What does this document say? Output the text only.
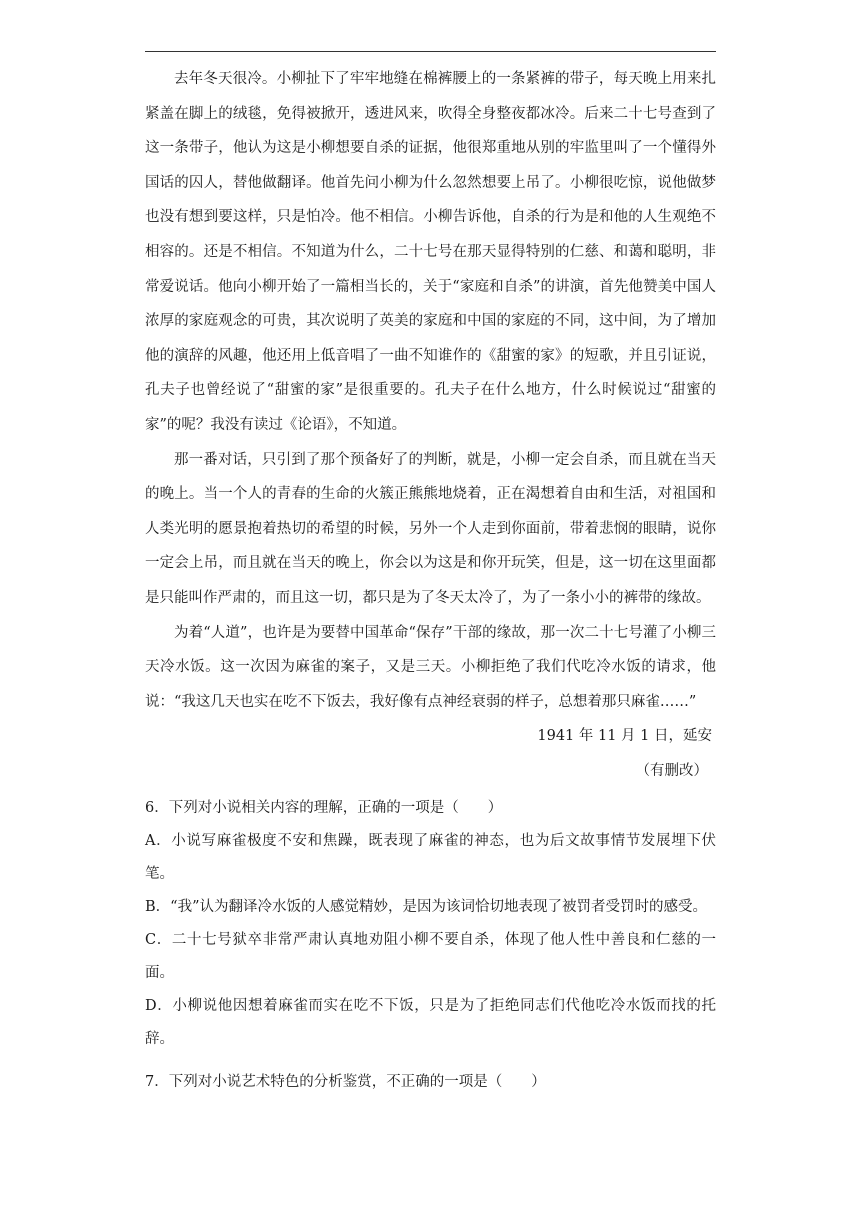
去年冬天很冷。小柳扯下了牢牢地缝在棉裤腰上的一条紧裤的带子，每天晚上用来扎紧盖在脚上的绒毯，免得被掀开，透进风来，吹得全身整夜都冰冷。后来二十七号查到了这一条带子，他认为这是小柳想要自杀的证据，他很郑重地从别的牢监里叫了一个懂得外国话的囚人，替他做翻译。他首先问小柳为什么忽然想要上吊了。小柳很吃惊，说他做梦也没有想到要这样，只是怕冷。他不相信。小柳告诉他，自杀的行为是和他的人生观绝不相容的。还是不相信。不知道为什么，二十七号在那天显得特别的仁慈、和蔼和聪明，非常爱说话。他向小柳开始了一篇相当长的，关于“家庭和自杀”的讲演，首先他赞美中国人浓厚的家庭观念的可贵，其次说明了英美的家庭和中国的家庭的不同，这中间，为了增加他的演辞的风趣，他还用上低音唱了一曲不知谁作的《甜蜜的家》的短歌，并且引证说，孔夫子也曾经说了“甜蜜的家”是很重要的。孔夫子在什么地方，什么时候说过“甜蜜的家”的呢？我没有读过《论语》，不知道。

那一番对话，只引到了那个预备好了的判断，就是，小柳一定会自杀，而且就在当天的晚上。当一个人的青春的生命的火簇正熊熊地烧着，正在渴想着自由和生活，对祖国和人类光明的愿景抱着热切的希望的时候，另外一个人走到你面前，带着悲悯的眼睛，说你一定会上吊，而且就在当天的晚上，你会以为这是和你开玩笑，但是，这一切在这里面都是只能叫作严肃的，而且这一切，都只是为了冬天太冷了，为了一条小小的裤带的缘故。

为着“人道”，也许是为要替中国革命“保存”干部的缘故，那一次二十七号灌了小柳三天冷水饭。这一次因为麻雀的案子，又是三天。小柳拒绝了我们代吃冷水饭的请求，他说：“我这几天也实在吃不下饭去，我好像有点神经衰弱的样子，总想着那只麻雀……”

1941 年 11 月 1 日，延安

（有删改）

6．下列对小说相关内容的理解，正确的一项是（　　）

A．小说写麻雀极度不安和焦躁，既表现了麻雀的神态，也为后文故事情节发展埋下伏笔。

B．“我”认为翻译冷水饭的人感觉精妙，是因为该词恰切地表现了被罚者受罚时的感受。

C．二十七号狱卒非常严肃认真地劝阻小柳不要自杀，体现了他人性中善良和仁慈的一面。

D．小柳说他因想着麻雀而实在吃不下饭，只是为了拒绝同志们代他吃冷水饭而找的托辞。

7．下列对小说艺术特色的分析鉴赏，不正确的一项是（　　）
